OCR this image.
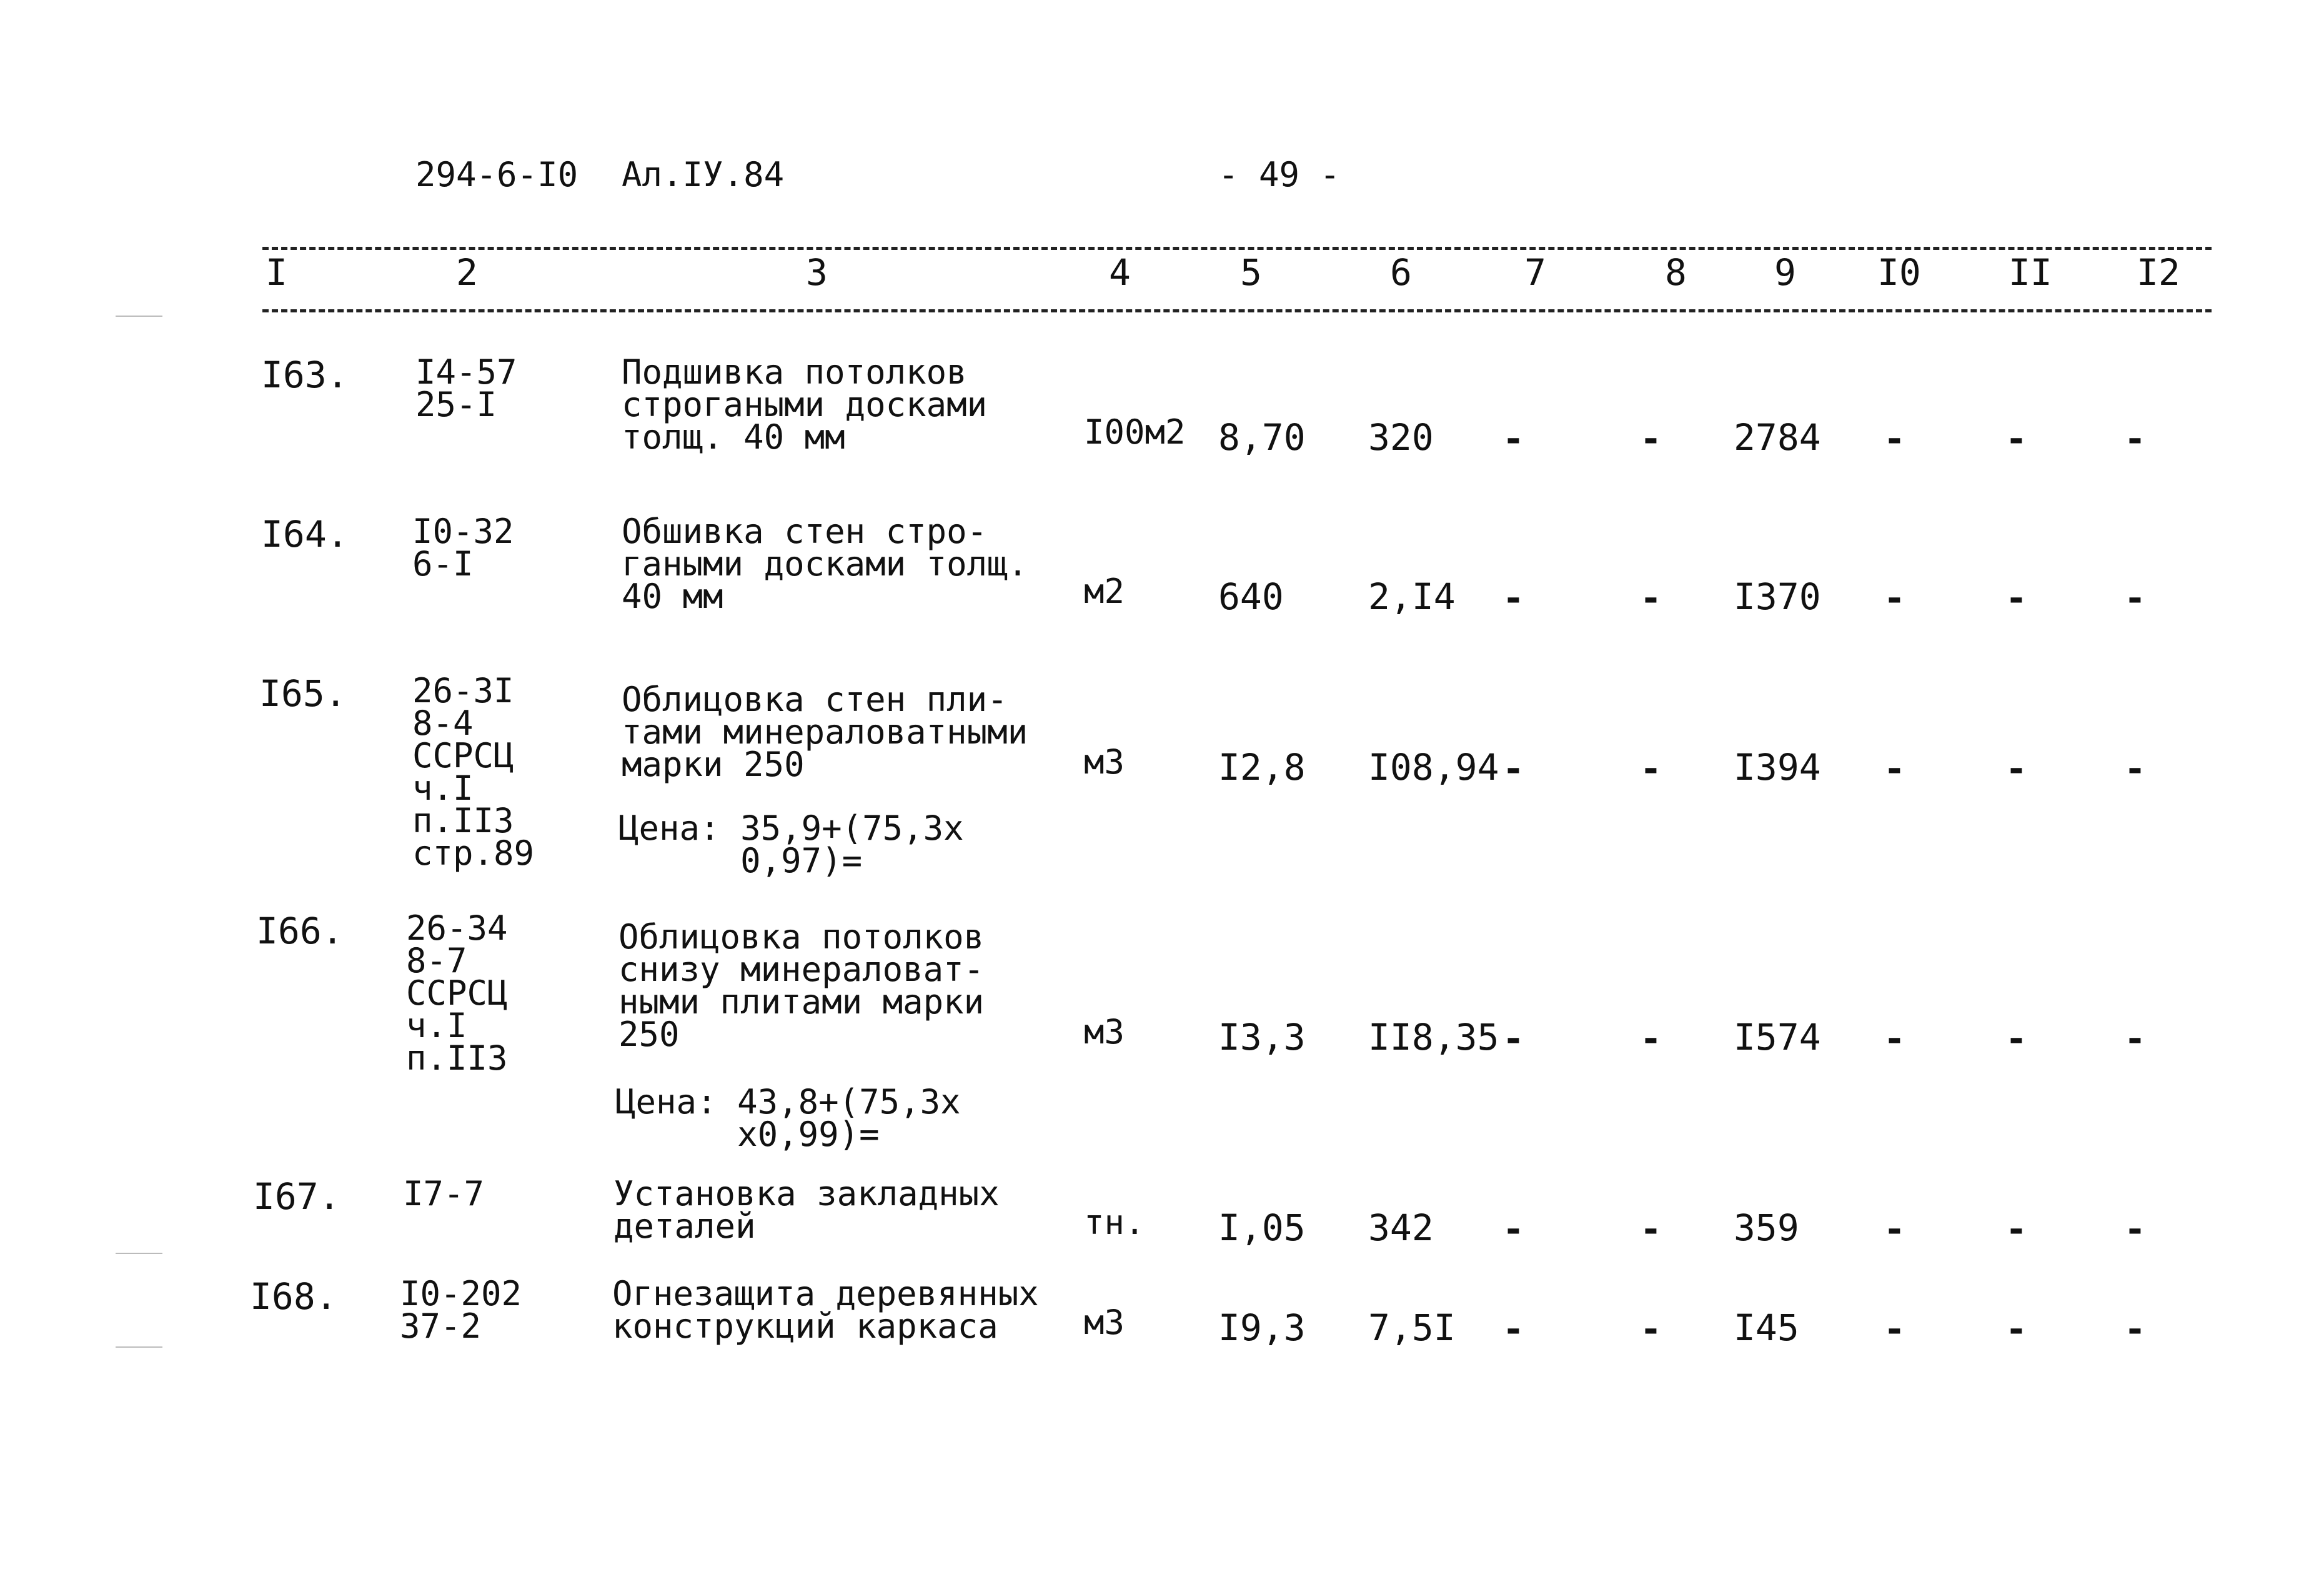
294-6-I0 Ал.IУ.84	- 49 -
I	2	3	4	5	6	7	8 9 I0 II I2
I63. I4-57
25-I
Подшивка потолков
строгаными досками
толщ. 40 мм	I00м2 8,70 320 -	- 2784 -	-	-
I64. I0-32
6-I
Обшивка стен стро-
гаными досками толщ.
40 мм	м2	640 2,I4 -	- I370 -	-	-
I65. 26-3I
8-4
ССРСЦ
ч.I
п.II3
стр.89
Облицовка стен пли-
тами минераловатными
марки 250
Цена: 35,9+(75,3х
0,97)=
м3	I2,8 I08,94 -	- I394 -	-	-
I66. 26-34
8-7
ССРСЦ
ч.I
п.II3
Облицовка потолков
снизу минераловат-
ными плитами марки
250
Цена: 43,8+(75,3х
х0,99)=
м3	I3,3 II8,35 -	- I574 -	-	-
I67. I7-7	Установка закладных
деталей	тн. I,05 342 -	- 359 -	-	-
I68. I0-202
37-2
Огнезащита деревянных
конструкций каркаса	м3	I9,3 7,5I -	- I45 -	-	-
